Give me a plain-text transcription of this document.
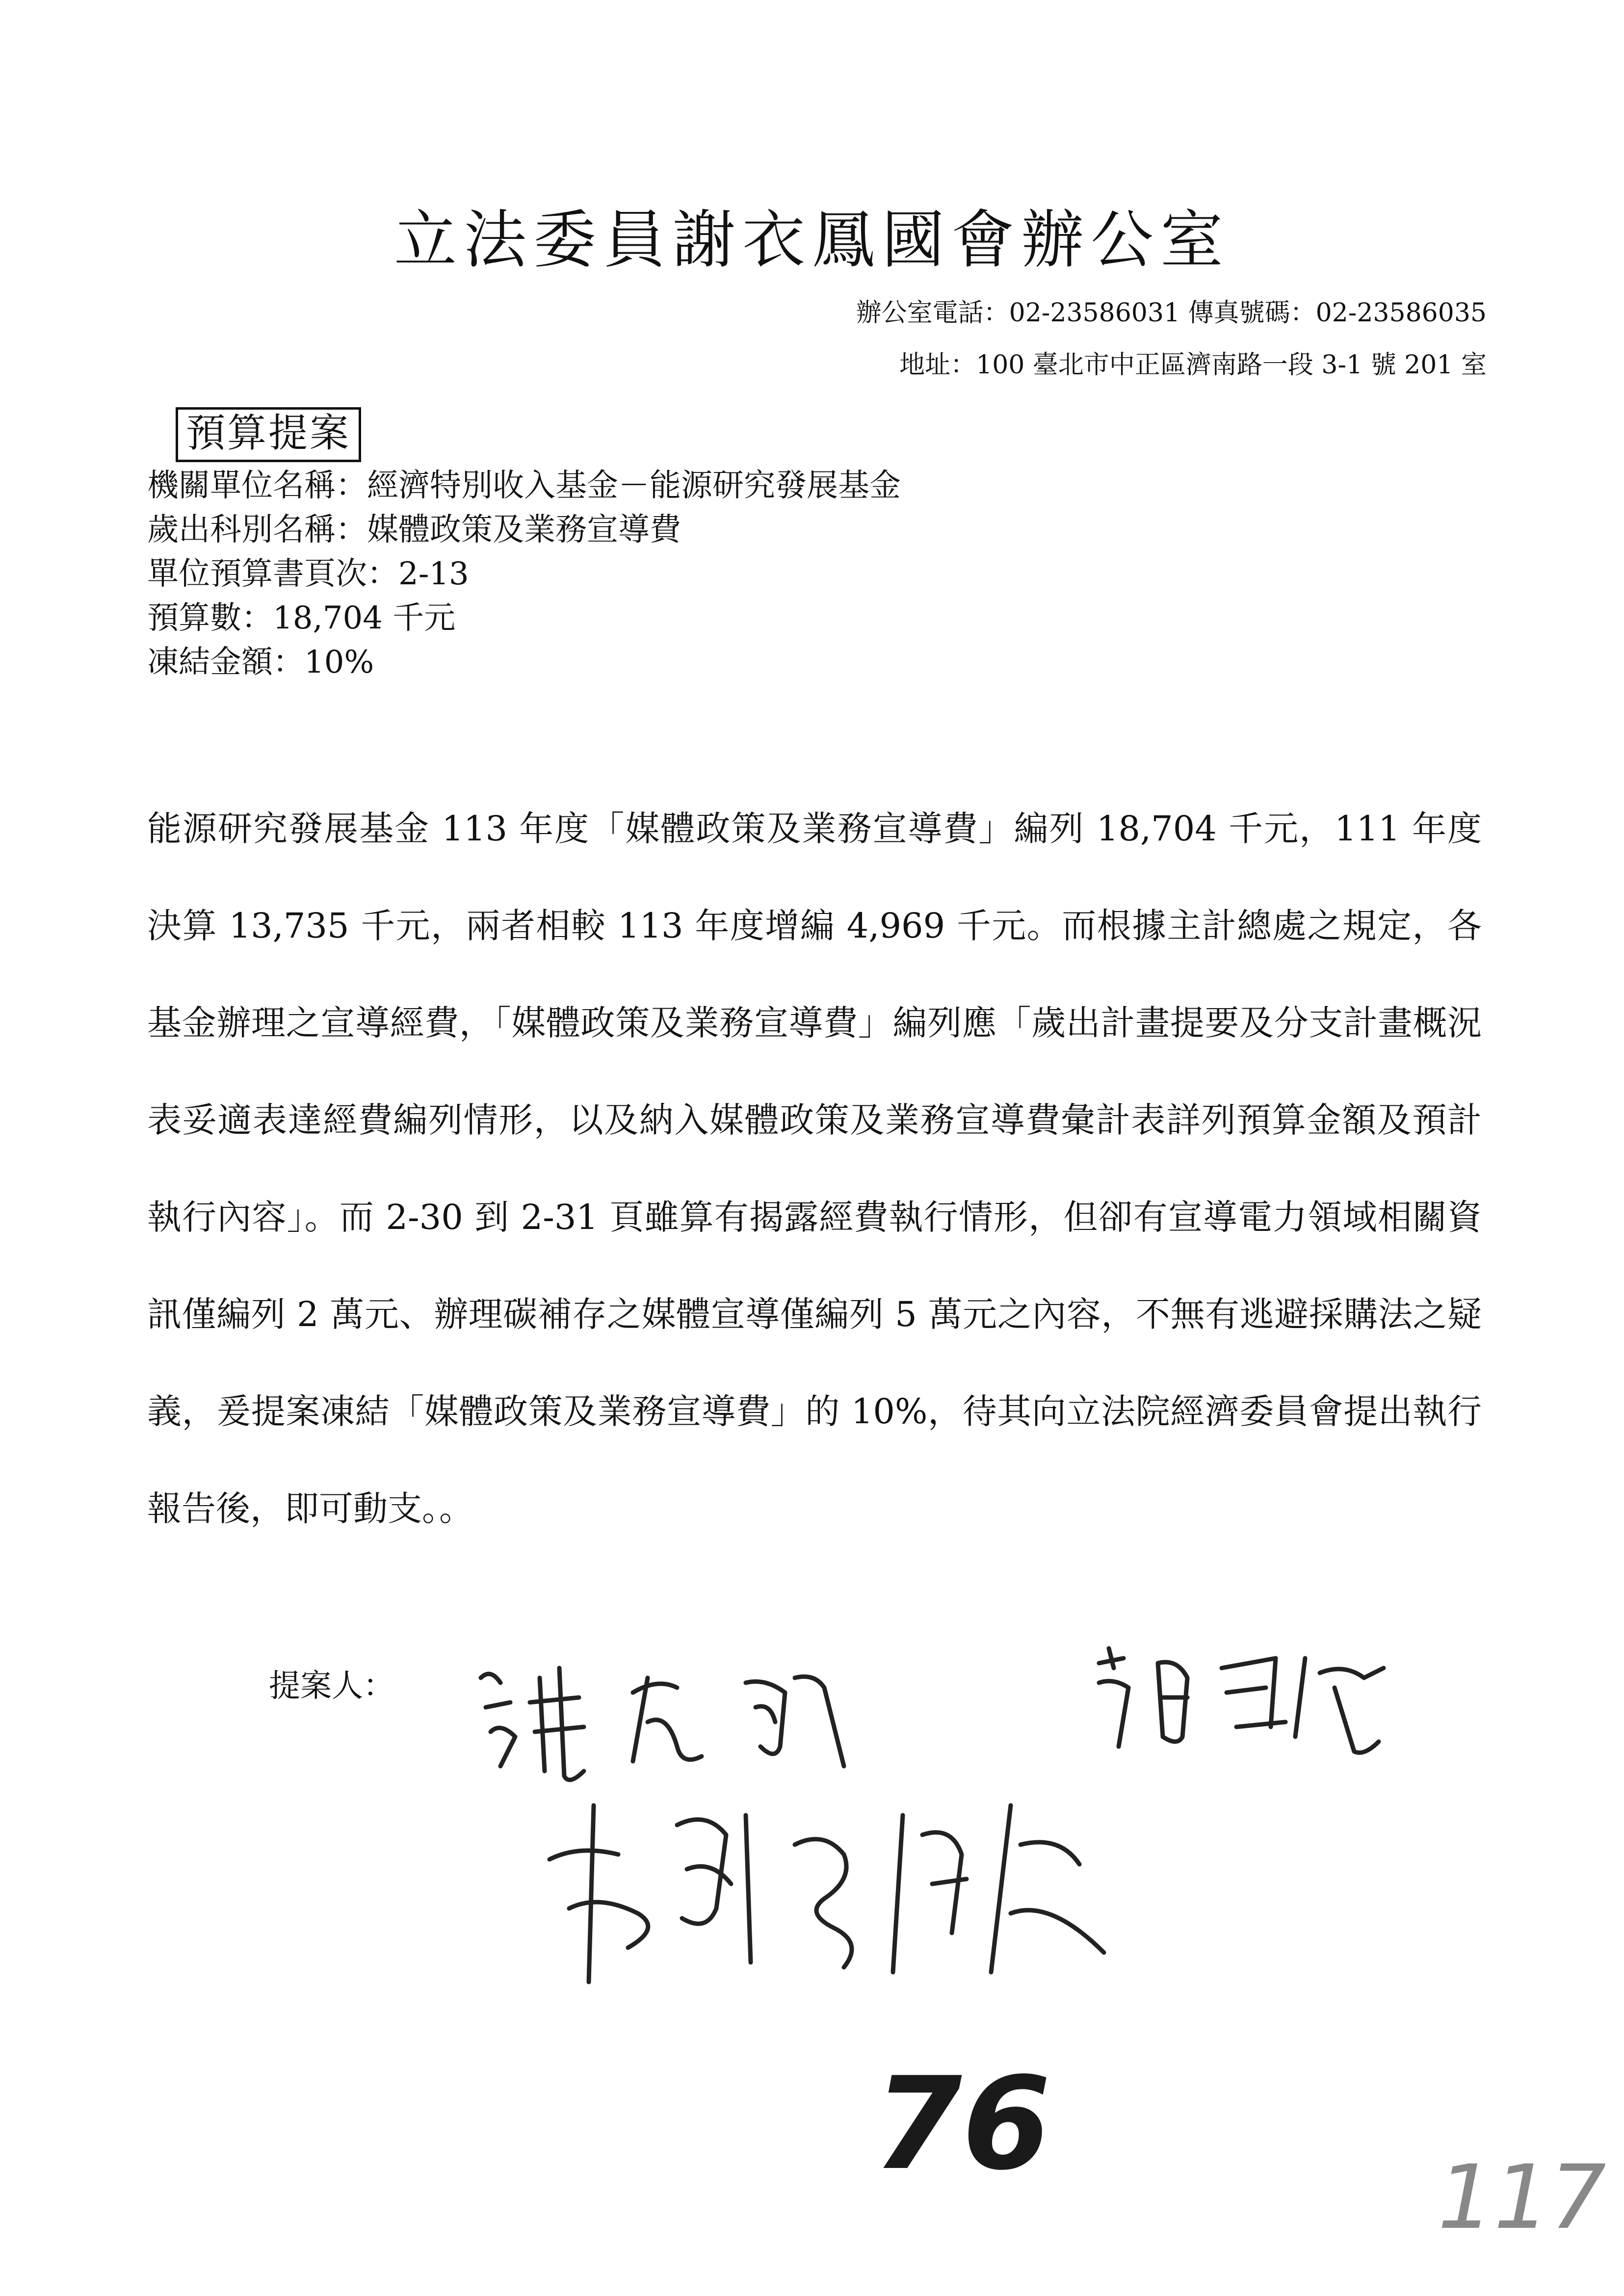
立法委員謝衣鳳國會辦公室
辦公室電話：02-23586031 傳真號碼：02-23586035
地址：100 臺北市中正區濟南路一段 3-1 號 201 室
預算提案
機關單位名稱：經濟特別收入基金－能源研究發展基金
歲出科別名稱：媒體政策及業務宣導費
單位預算書頁次：2-13
預算數：18,704 千元
凍結金額：10%
能源研究發展基金 113 年度「媒體政策及業務宣導費」編列 18,704 千元，111 年度決算 13,735 千元，兩者相較 113 年度增編 4,969 千元。而根據主計總處之規定，各基金辦理之宣導經費，「媒體政策及業務宣導費」編列應「歲出計畫提要及分支計畫概況表妥適表達經費編列情形，以及納入媒體政策及業務宣導費彙計表詳列預算金額及預計執行內容」。而 2-30 到 2-31 頁雖算有揭露經費執行情形，但卻有宣導電力領域相關資訊僅編列 2 萬元、辦理碳補存之媒體宣導僅編列 5 萬元之內容，不無有逃避採購法之疑義，爰提案凍結「媒體政策及業務宣導費」的 10%，待其向立法院經濟委員會提出執行報告後，即可動支。。
提案人：
76	117
